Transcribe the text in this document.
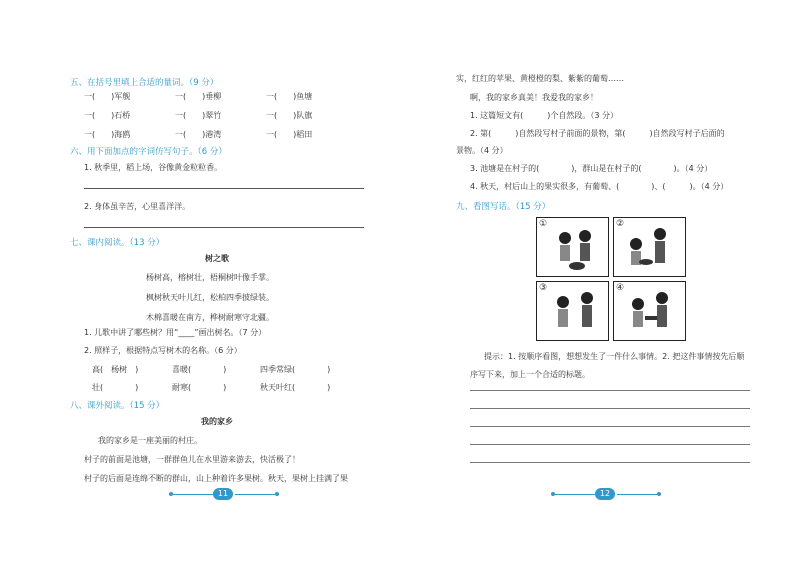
五、在括号里填上合适的量词。（9 分）
一(　　)军舰	一(　　)垂柳	一(　　)鱼塘
一(　　)石桥	一(　　)翠竹	一(　　)队旗
一(　　)海鸥	一(　　)港湾	一(　　)稻田
六、用下面加点的字词仿写句子。（6 分）
1. 秋季里，稻上场，谷像黄金粒粒香。
2. 身体虽辛苦，心里喜洋洋。
七、课内阅读。（13 分）
树之歌
杨树高，榕树壮，梧桐树叶像手掌。
枫树秋天叶儿红，松柏四季披绿装。
木棉喜暖在南方，桦树耐寒守北疆。
1. 儿歌中讲了哪些树？用“____”画出树名。（7 分）
2. 照样子，根据特点写树木的名称。（6 分）
高(　杨树　)	喜暖(　　　　)	四季常绿(　　　　)
壮(　　　　)	耐寒(　　　　)	秋天叶红(　　　　)
八、课外阅读。（15 分）
我的家乡
我的家乡是一座美丽的村庄。
村子的前面是池塘，一群群鱼儿在水里游来游去，快活极了！
村子的后面是连绵不断的群山，山上种着许多果树。秋天，果树上挂满了果
11
实，红红的苹果、黄橙橙的梨、紫紫的葡萄……
啊，我的家乡真美！我爱我的家乡！
1. 这篇短文有(　　　)个自然段。（3 分）
2. 第(　　　)自然段写村子前面的景物，第(　　　)自然段写村子后面的
景物。（4 分）
3. 池塘是在村子的(　　　　)，群山是在村子的(　　　　)。（4 分）
4. 秋天，村后山上的果实很多，有葡萄、(　　　　)、(　　　)。（4 分）
九、看图写话。（15 分）
①	②
③	④
提示：1. 按顺序看图，想想发生了一件什么事情。2. 把这件事情按先后顺
序写下来，加上一个合适的标题。
12
